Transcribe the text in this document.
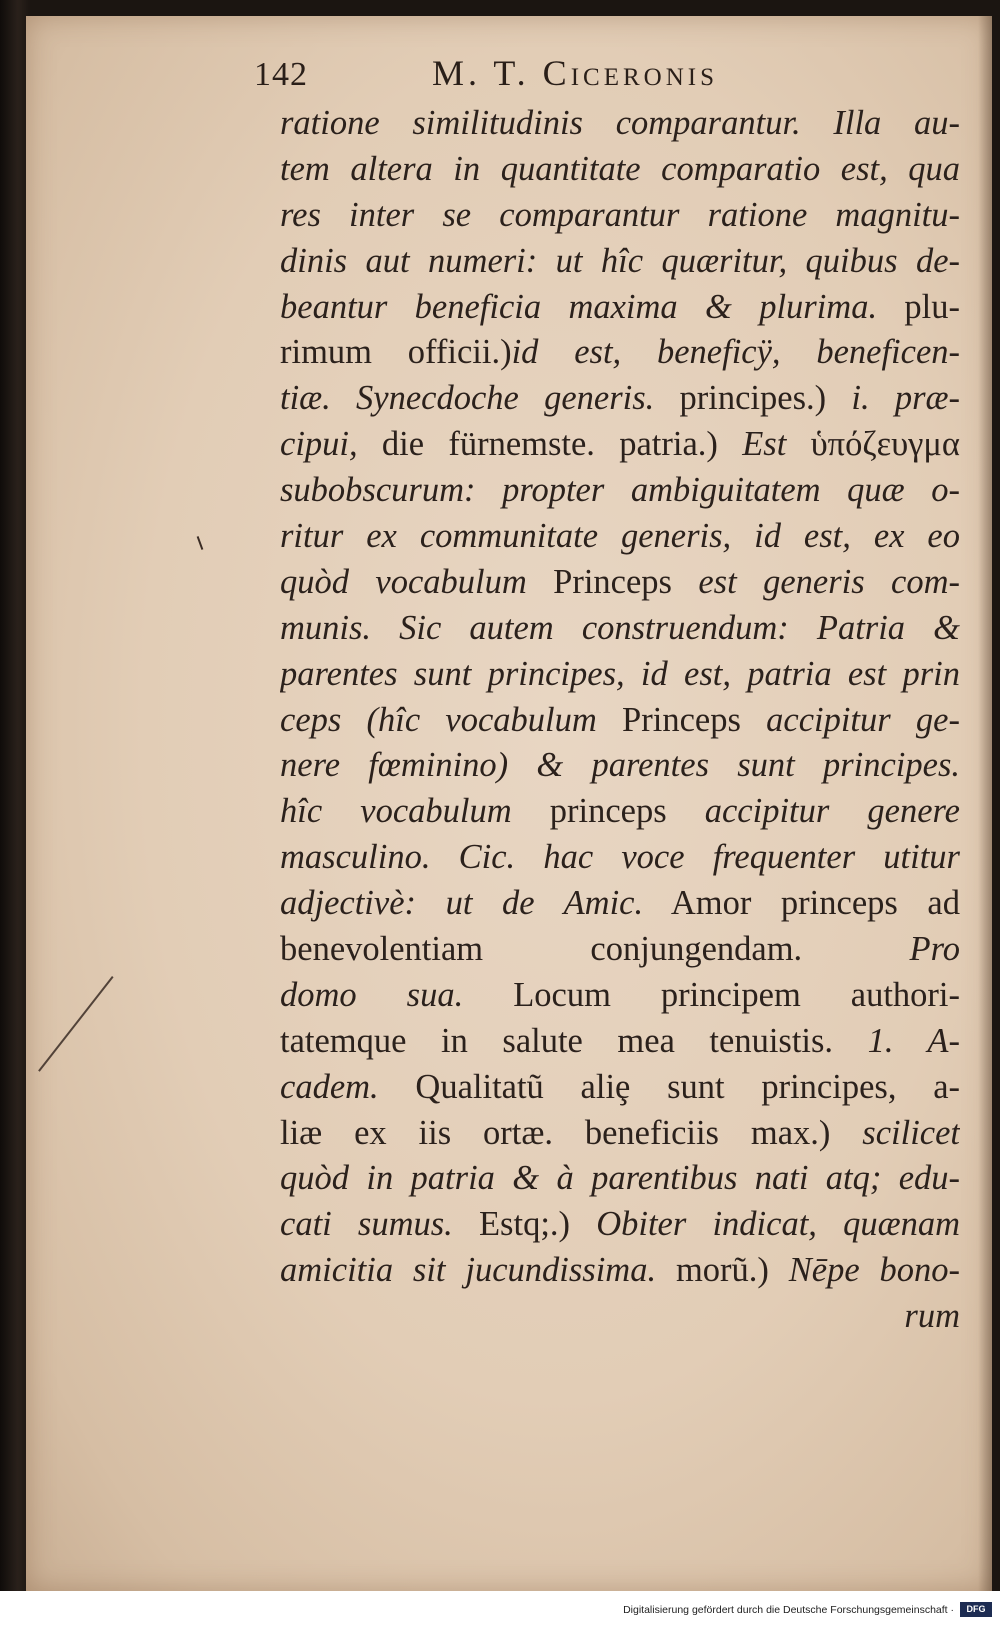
142	M. T. Ciceronis
ratione similitudinis comparantur. Illa au-
tem altera in quantitate comparatio est, qua
res inter se comparantur ratione magnitu-
dinis aut numeri: ut hîc quæritur, quibus de-
beantur beneficia maxima & plurima. plu-
rimum officii.)id est, beneficÿ, beneficen-
tiæ. Synecdoche generis. principes.) i. præ-
cipui, die fürnemste. patria.) Est ὑπόζευγμα
subobscurum: propter ambiguitatem quæ o-
ritur ex communitate generis, id est, ex eo
quòd vocabulum Princeps est generis com-
munis. Sic autem construendum: Patria &
parentes sunt principes, id est, patria est prin
ceps (hîc vocabulum Princeps accipitur ge-
nere fœminino) & parentes sunt principes.
hîc vocabulum princeps accipitur genere
masculino. Cic. hac voce frequenter utitur
adjectivè: ut de Amic. Amor princeps ad
benevolentiam conjungendam. Pro
domo sua. Locum principem authori-
tatemque in salute mea tenuistis. 1. A-
cadem. Qualitatũ aliȩ sunt principes, a-
liæ ex iis ortæ. beneficiis max.) scilicet
quòd in patria & à parentibus nati atq; edu-
cati sumus. Estq;.) Obiter indicat, quænam
amicitia sit jucundissima. morũ.) Nēpe bono-
rum
Digitalisierung gefördert durch die Deutsche Forschungsgemeinschaft ·	DFG
